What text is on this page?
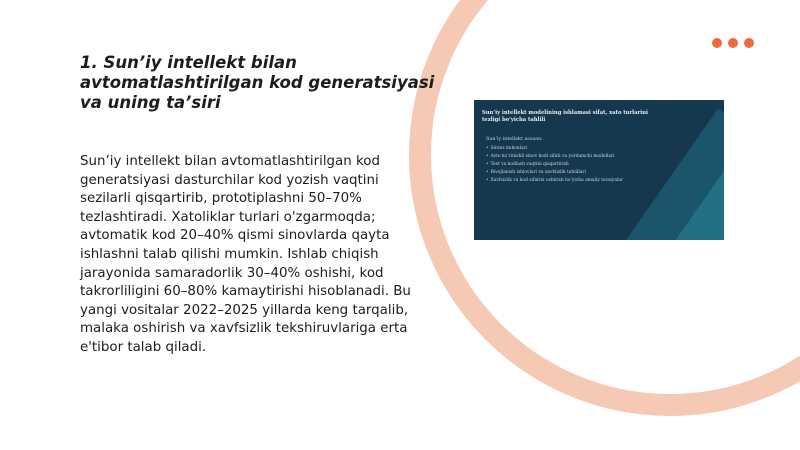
1. Sun’iy intellekt bilan avtomatlashtirilgan kod generatsiyasi va uning ta’siri

Sun’iy intellekt bilan avtomatlashtirilgan kod generatsiyasi dasturchilar kod yozish vaqtini sezilarli qisqartirib, prototiplashni 50–70% tezlashtiradi. Xatoliklar turlari o'zgarmoqda; avtomatik kod 20–40% qismi sinovlarda qayta ishlashni talab qilishi mumkin. Ishlab chiqish jarayonida samaradorlik 30–40% oshishi, kod takrorliligini 60–80% kamaytirishi hisoblanadi. Bu yangi vositalar 2022–2025 yillarda keng tarqalib, malaka oshirish va xavfsizlik tekshiruvlariga erta e'tibor talab qiladi.

Sun’iy intellekt modelining ishlamasi sifat, xato turlarini tezligi bo‘yicha tahlili

Sun’iy intellekt asosan:

• Sintez imkonlari
• Avto ko‘rinishli sinov kodi sifati va yordamchi modellari
• Test va kodlash vaqtini qisqartirish
• Rivojlanish ishlovlari va xavfsizlik tahlillari
• Xavfsizlik va kod sifatini oshirish bo‘yicha amaliy tavsiyalar
